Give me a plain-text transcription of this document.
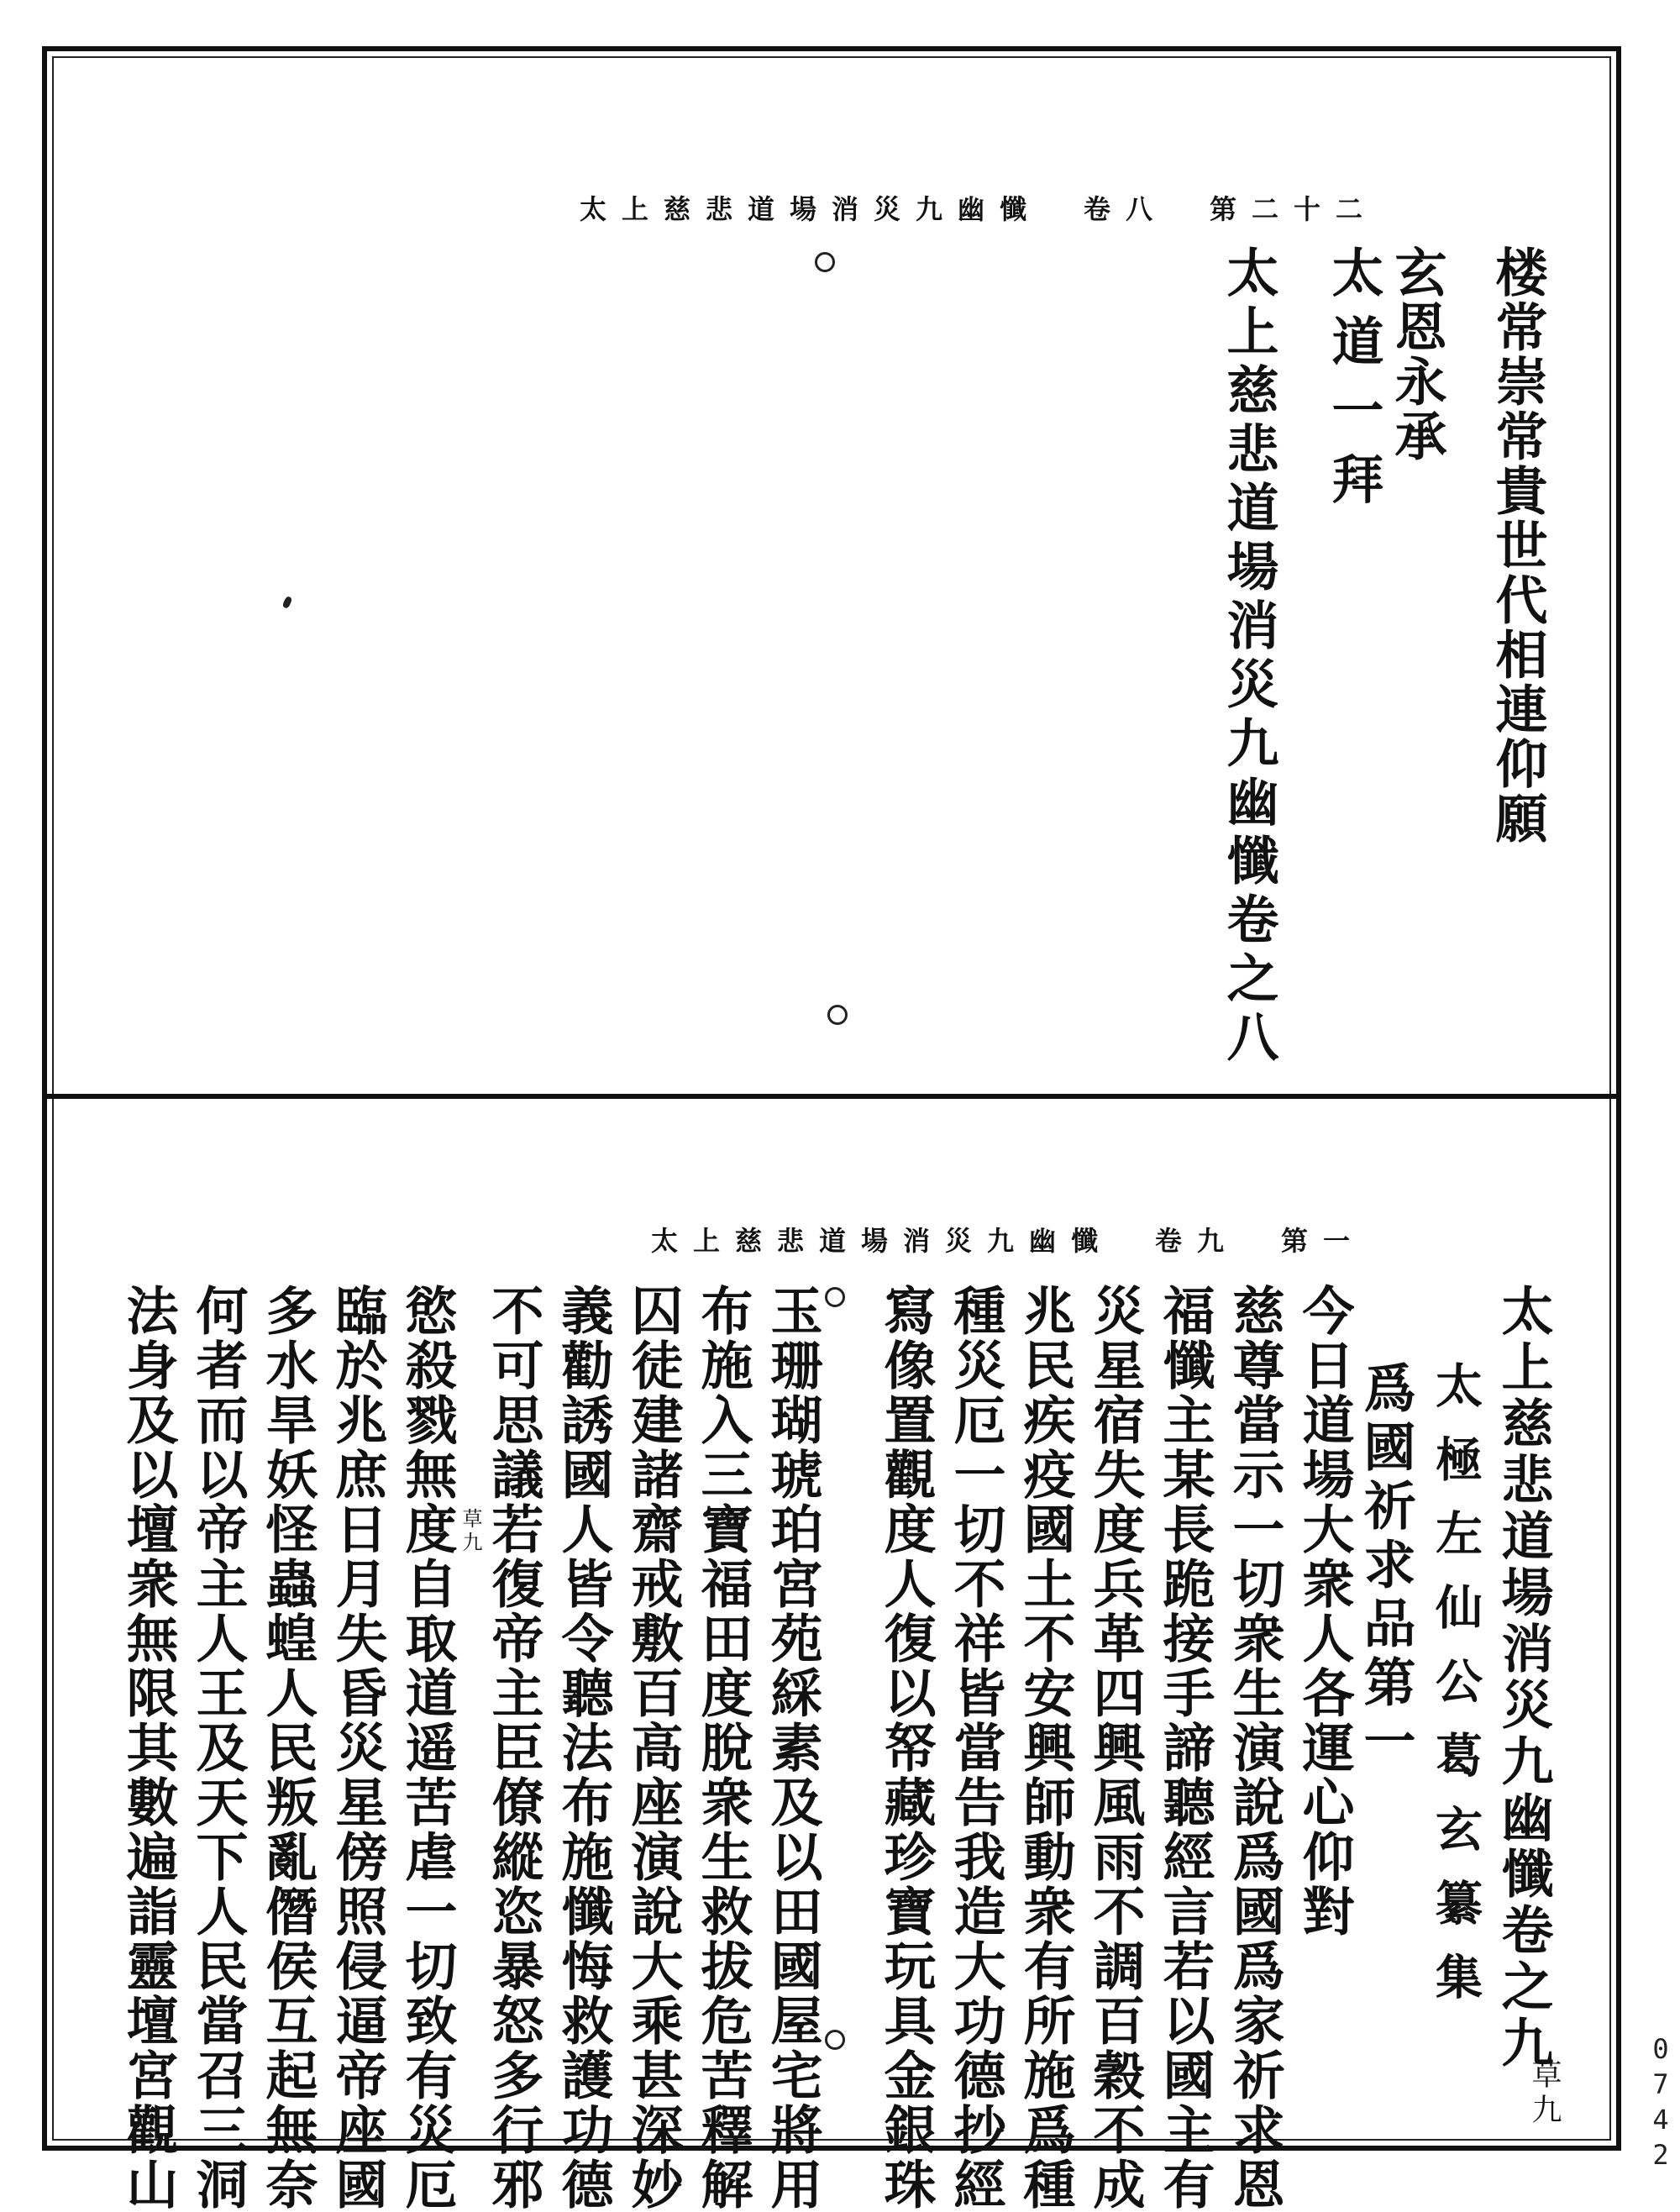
太上慈悲道場消災九幽懺　卷八　第二十二
楼常崇常貴世代相連仰願
玄恩永承
太道一拜
太上慈悲道場消災九幽懺卷之八
太上慈悲道場消災九幽懺　卷九　第一
太上慈悲道場消災九幽懺卷之九
草九
太極左仙公葛玄纂集
爲國祈求品第一
今日道場大衆人各運心仰對
慈尊當示一切衆生演說爲國爲家祈求恩
福懺主某長跪接手諦聽經言若以國主有
災星宿失度兵革四興風雨不調百穀不成
兆民疾疫國土不安興師動衆有所施爲種
種災厄一切不祥皆當告我造大功德抄經
寫像置觀度人復以帑藏珍寶玩具金銀珠
玉珊瑚琥珀宮苑綵素及以田國屋宅將用
布施入三寶福田度脫衆生救拔危苦釋解
囚徒建諸齋戒敷百高座演說大乘甚深妙
義勸誘國人皆令聽法布施懺悔救護功德
不可思議若復帝主臣僚縱恣暴怒多行邪
草九
慾殺戮無度自取道遥苦虐一切致有災厄
臨於兆庶日月失昏災星傍照侵逼帝座國
多水旱妖怪蟲蝗人民叛亂僭侯互起無奈
何者而以帝主人王及天下人民當召三洞
法身及以壇衆無限其數遍詣靈壇宮觀山	0742
